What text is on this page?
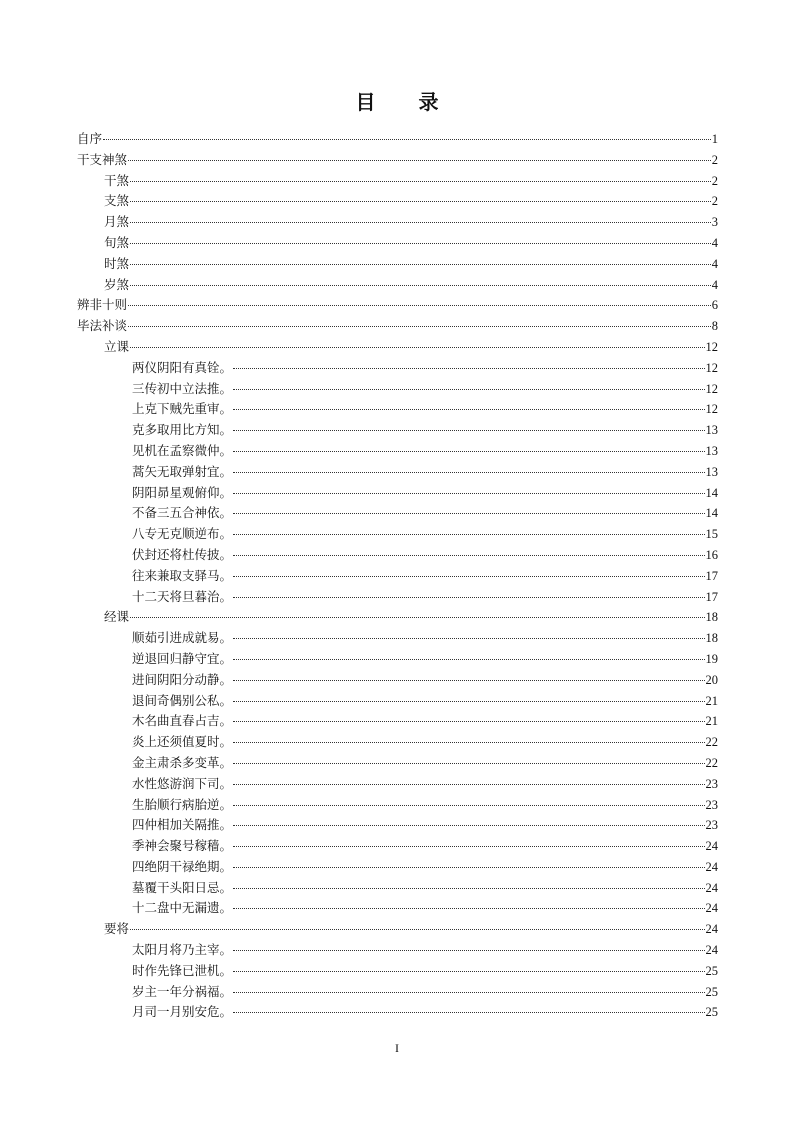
目 录
自序	1
干支神煞	2
干煞	2
支煞	2
月煞	3
旬煞	4
时煞	4
岁煞	4
辨非十则	6
毕法补谈	8
立课	12
两仪阴阳有真铨。	12
三传初中立法推。	12
上克下贼先重审。	12
克多取用比方知。	13
见机在孟察微仲。	13
蒿矢无取弹射宜。	13
阴阳昴星观俯仰。	14
不备三五合神依。	14
八专无克顺逆布。	15
伏封还将杜传披。	16
往来兼取支驿马。	17
十二天将旦暮治。	17
经课	18
顺茹引进成就易。	18
逆退回归静守宜。	19
进间阴阳分动静。	20
退间奇偶别公私。	21
木名曲直春占吉。	21
炎上还须值夏时。	22
金主肃杀多变革。	22
水性悠游润下司。	23
生胎顺行病胎逆。	23
四仲相加关隔推。	23
季神会聚号稼穑。	24
四绝阴干禄绝期。	24
墓覆干头阳日忌。	24
十二盘中无漏遗。	24
要将	24
太阳月将乃主宰。	24
时作先锋已泄机。	25
岁主一年分祸福。	25
月司一月别安危。	25
I
